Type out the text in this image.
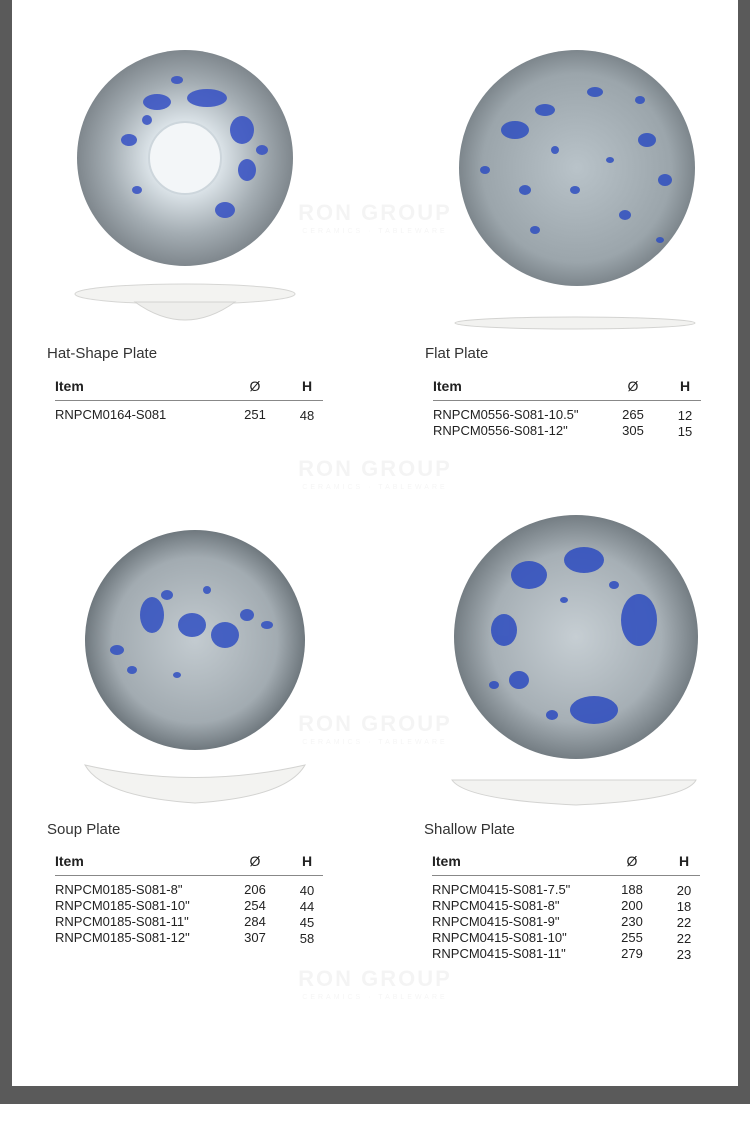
Hat-Shape Plate
Item	Ø	H
RNPCM0164-S081	251	48
Flat Plate
Item	Ø	H
RNPCM0556-S081-10.5"	265	12
RNPCM0556-S081-12"	305	15
Soup Plate
Item	Ø	H
RNPCM0185-S081-8"	206	40
RNPCM0185-S081-10"	254	44
RNPCM0185-S081-11"	284	45
RNPCM0185-S081-12"	307	58
Shallow Plate
Item	Ø	H
RNPCM0415-S081-7.5"	188	20
RNPCM0415-S081-8"	200	18
RNPCM0415-S081-9"	230	22
RNPCM0415-S081-10"	255	22
RNPCM0415-S081-11"	279	23
